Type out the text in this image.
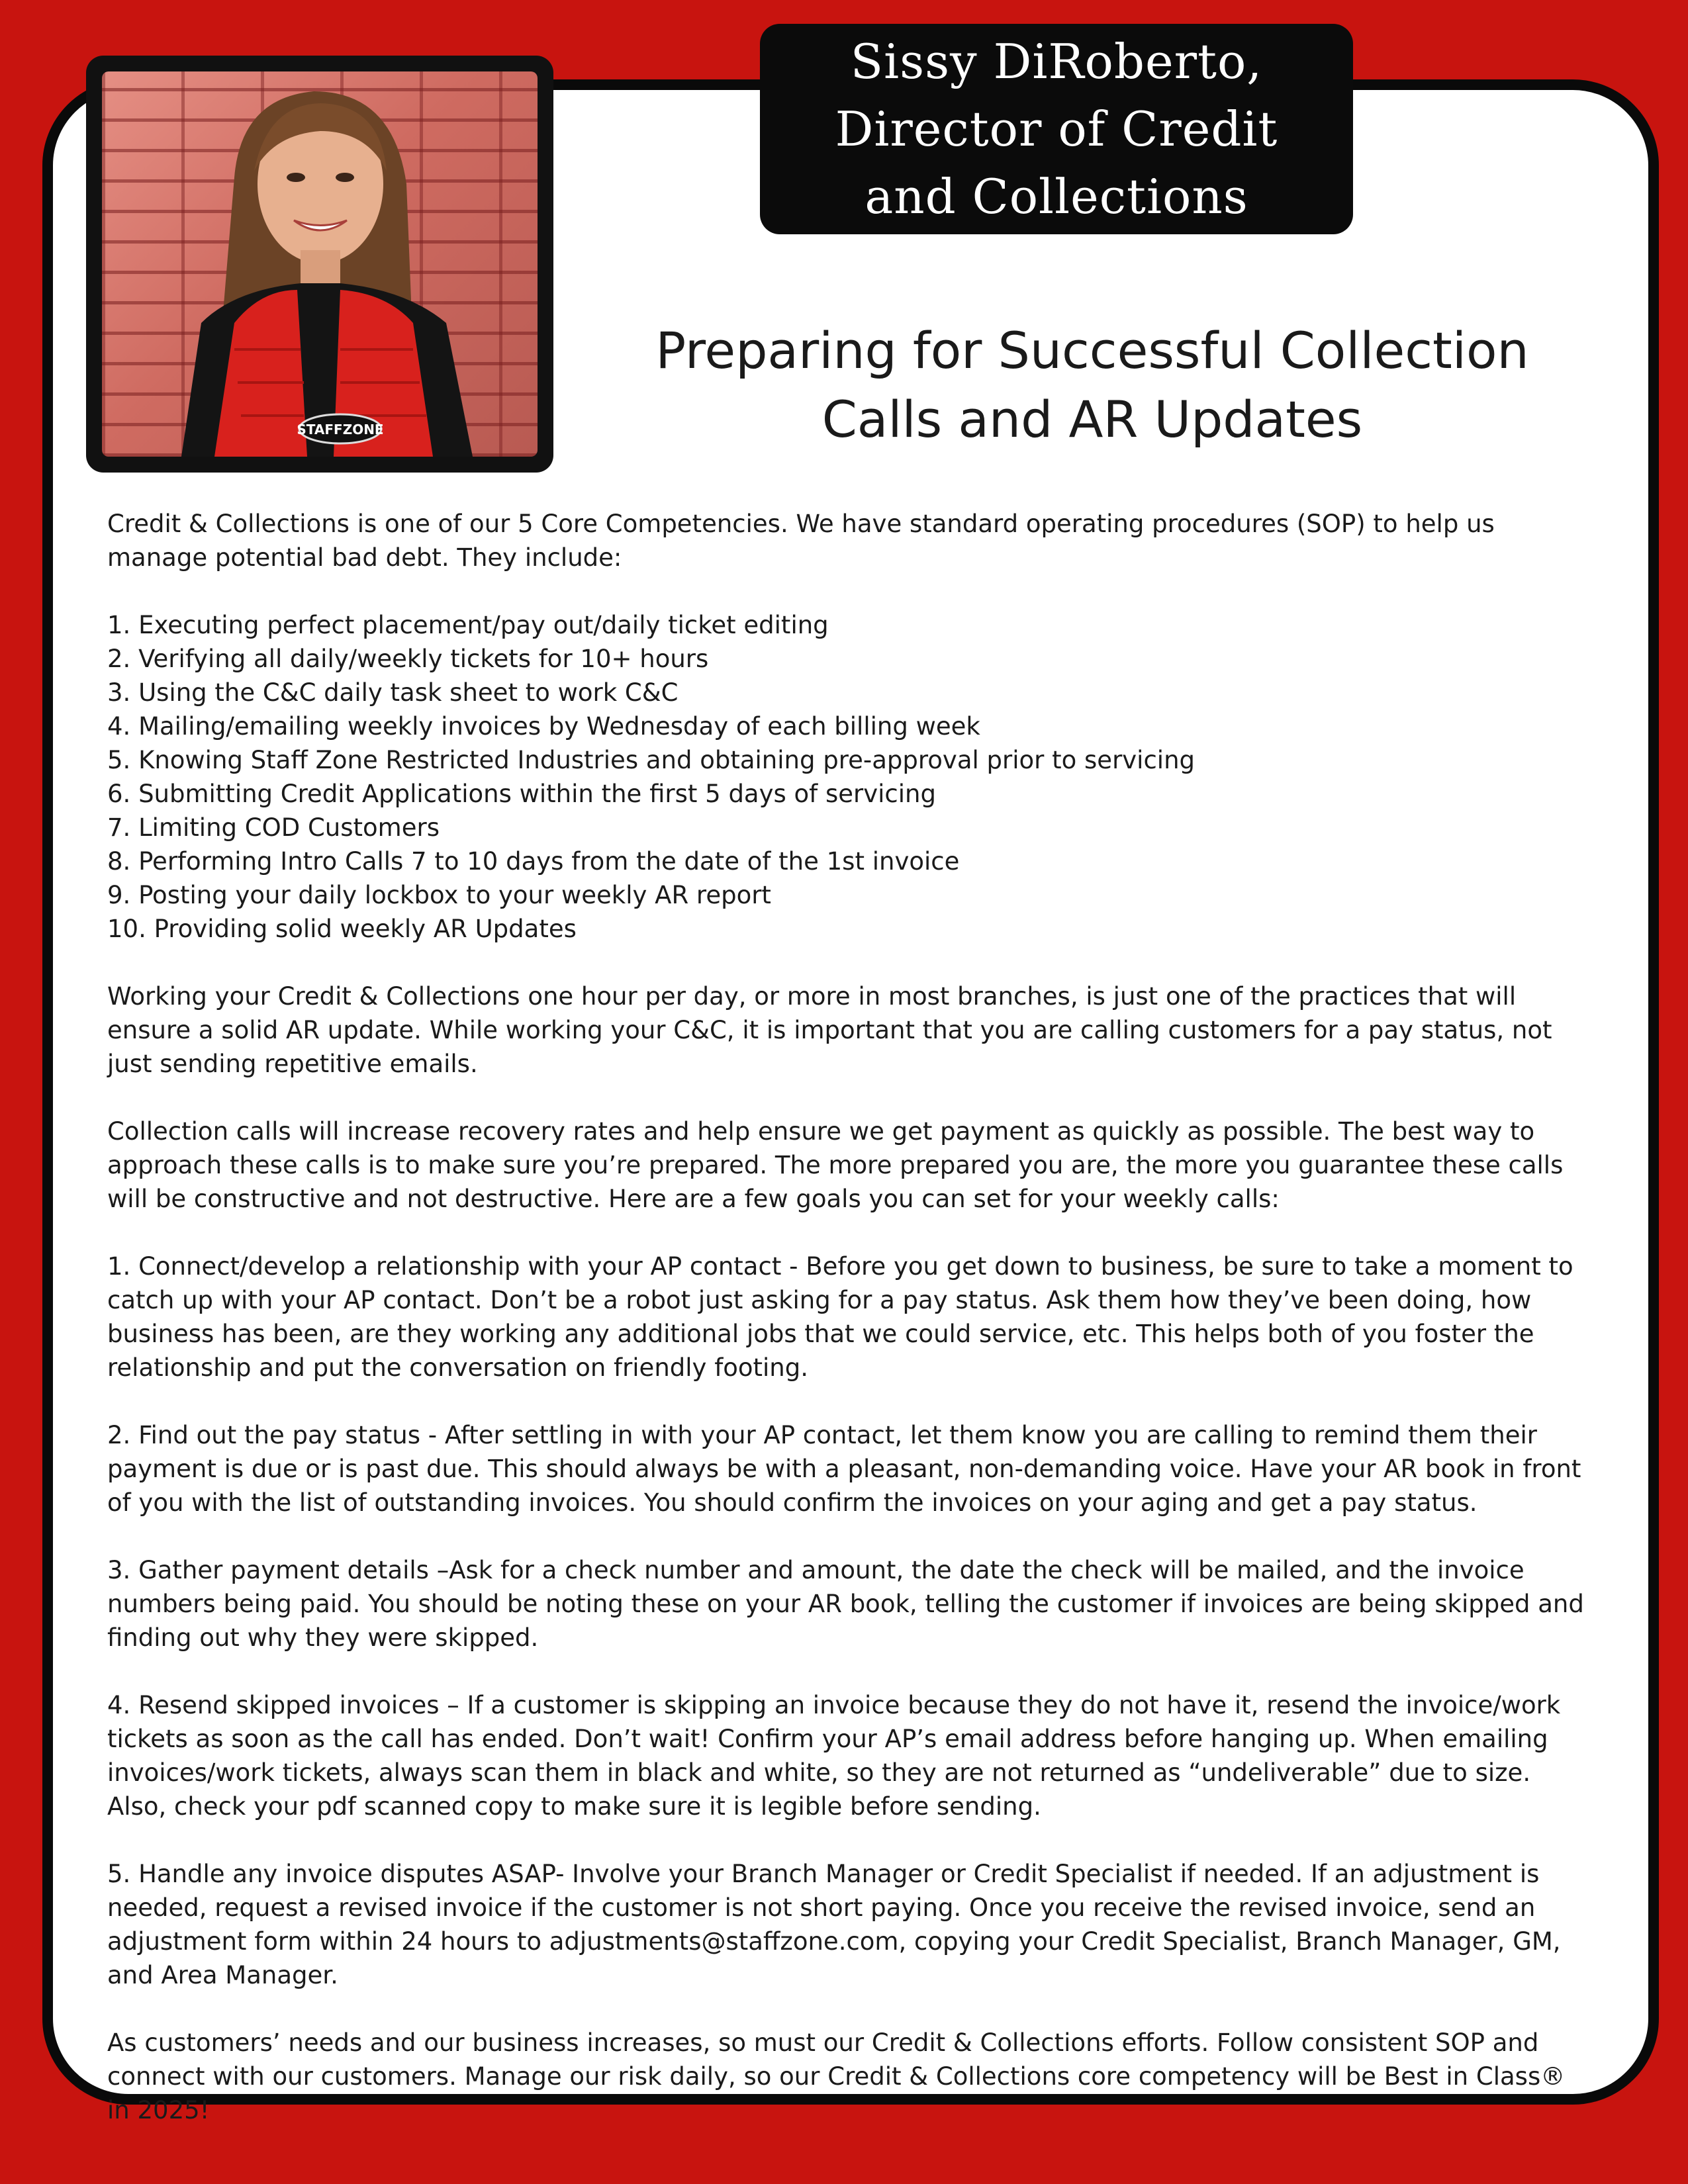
STAFFZONE
Sissy DiRoberto,
Director of Credit
and Collections
Preparing for Successful Collection
Calls and AR Updates

Credit & Collections is one of our 5 Core Competencies. We have standard operating procedures (SOP) to help us manage potential bad debt. They include:

1. Executing perfect placement/pay out/daily ticket editing
2. Verifying all daily/weekly tickets for 10+ hours
3. Using the C&C daily task sheet to work C&C
4. Mailing/emailing weekly invoices by Wednesday of each billing week
5. Knowing Staff Zone Restricted Industries and obtaining pre-approval prior to servicing
6. Submitting Credit Applications within the first 5 days of servicing
7. Limiting COD Customers
8. Performing Intro Calls 7 to 10 days from the date of the 1st invoice
9. Posting your daily lockbox to your weekly AR report
10. Providing solid weekly AR Updates

Working your Credit & Collections one hour per day, or more in most branches, is just one of the practices that will ensure a solid AR update. While working your C&C, it is important that you are calling customers for a pay status, not just sending repetitive emails.

Collection calls will increase recovery rates and help ensure we get payment as quickly as possible. The best way to approach these calls is to make sure you’re prepared. The more prepared you are, the more you guarantee these calls will be constructive and not destructive. Here are a few goals you can set for your weekly calls:

1. Connect/develop a relationship with your AP contact - Before you get down to business, be sure to take a moment to catch up with your AP contact. Don’t be a robot just asking for a pay status. Ask them how they’ve been doing, how business has been, are they working any additional jobs that we could service, etc. This helps both of you foster the relationship and put the conversation on friendly footing.

2. Find out the pay status - After settling in with your AP contact, let them know you are calling to remind them their payment is due or is past due. This should always be with a pleasant, non-demanding voice. Have your AR book in front of you with the list of outstanding invoices. You should confirm the invoices on your aging and get a pay status.

3. Gather payment details –Ask for a check number and amount, the date the check will be mailed, and the invoice numbers being paid. You should be noting these on your AR book, telling the customer if invoices are being skipped and finding out why they were skipped.

4. Resend skipped invoices – If a customer is skipping an invoice because they do not have it, resend the invoice/work tickets as soon as the call has ended. Don’t wait! Confirm your AP’s email address before hanging up. When emailing invoices/work tickets, always scan them in black and white, so they are not returned as “undeliverable” due to size. Also, check your pdf scanned copy to make sure it is legible before sending.

5. Handle any invoice disputes ASAP- Involve your Branch Manager or Credit Specialist if needed. If an adjustment is needed, request a revised invoice if the customer is not short paying. Once you receive the revised invoice, send an adjustment form within 24 hours to adjustments@staffzone.com, copying your Credit Specialist, Branch Manager, GM, and Area Manager.

As customers’ needs and our business increases, so must our Credit & Collections efforts. Follow consistent SOP and connect with our customers. Manage our risk daily, so our Credit & Collections core competency will be Best in Class® in 2025!
